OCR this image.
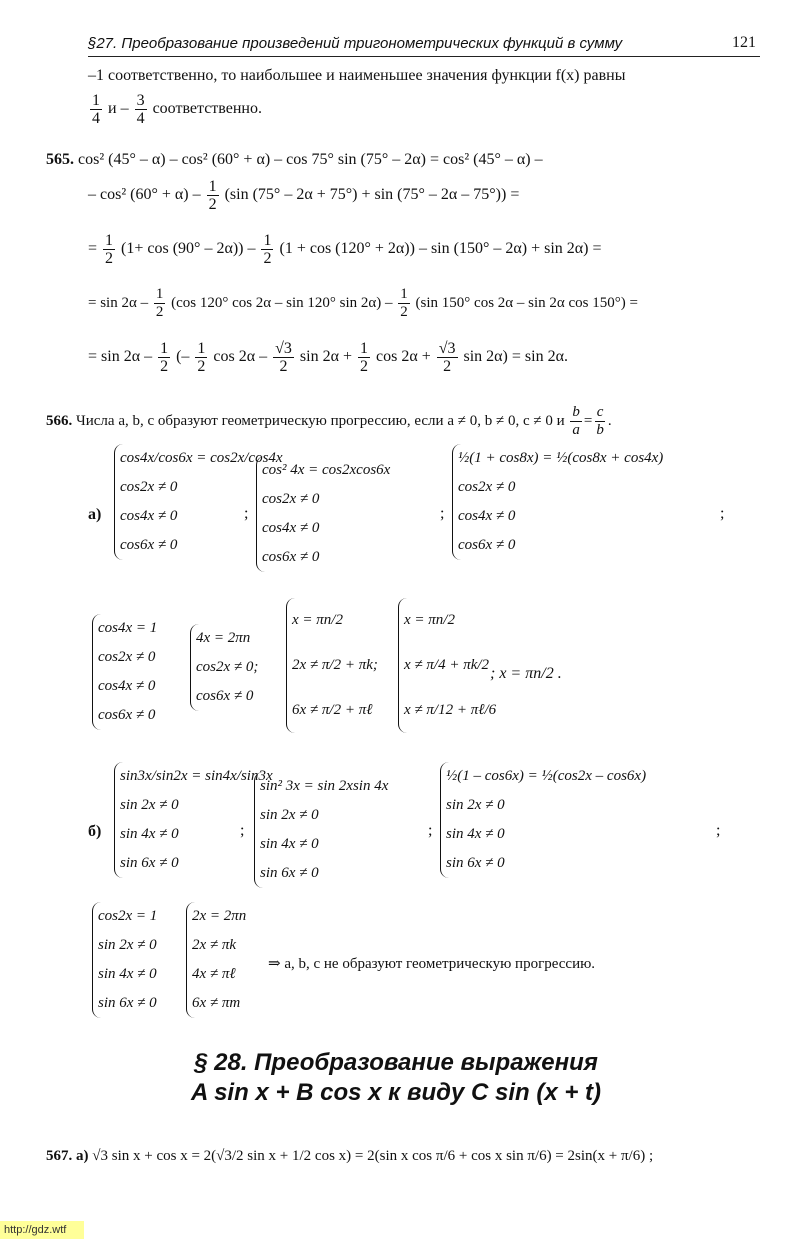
§27. Преобразование произведений тригонометрических функций в сумму	121
–1 соответственно, то наибольшее и наименьшее значения функции f(x) равны
$\frac{1}{4}$ и – $\frac{3}{4}$ соответственно.
565. cos² (45° – α) – cos² (60° + α) – cos 75° sin (75° – 2α) = cos² (45° – α) –
– cos² $(60^\circ + \alpha) - \frac{1}{2} (\sin$ (75° – 2α + 75°) + sin (75° – 2α – 75°)) =
= $\frac{1}{2} (1+ \cos (90^\circ - 2\alpha)) - \frac{1}{2} (1 + \cos (120^\circ + 2\alpha)) - \sin (150^\circ - 2\alpha) + \sin 2\alpha$) =
= $\sin 2\alpha - \frac{1}{2} (\cos$ 120° cos 2α – sin 120° $\sin 2\alpha) - \frac{1}{2} (\sin$ 150° cos 2α – sin 2α cos 150°) =
= $\sin 2\alpha - \frac{1}{2}$ (– $\frac{1}{2}$ $\cos 2\alpha - \frac{√3}{2}$ $\sin 2\alpha + \frac{1}{2}$ $\cos 2\alpha + \frac{√3}{2}$ sin 2α) = sin 2α.
566. Числа a, b, c образуют геометрическую прогрессию, если a ≠ 0, b ≠ 0, c ≠ 0 и $\frac{b}{a} = \frac{c}{b}$ .
а)
cos4x/cos6x = cos2x/cos4x
cos2x ≠ 0
cos4x ≠ 0
cos6x ≠ 0
;
cos² 4x = cos2xcos6x
cos2x ≠ 0
cos4x ≠ 0
cos6x ≠ 0
;
½(1 + cos8x) = ½(cos8x + cos4x)
cos2x ≠ 0
cos4x ≠ 0
cos6x ≠ 0
;
cos4x = 1
cos2x ≠ 0
cos4x ≠ 0
cos6x ≠ 0
4x = 2πn
cos2x ≠ 0;
cos6x ≠ 0
x = πn/2
2x ≠ π/2 + πk;
6x ≠ π/2 + πℓ
x = πn/2
x ≠ π/4 + πk/2
x ≠ π/12 + πℓ/6
; x = πn/2 .
б)
sin3x/sin2x = sin4x/sin3x
sin 2x ≠ 0
sin 4x ≠ 0
sin 6x ≠ 0
;
sin² 3x = sin 2xsin 4x
sin 2x ≠ 0
sin 4x ≠ 0
sin 6x ≠ 0
;
½(1 – cos6x) = ½(cos2x – cos6x)
sin 2x ≠ 0
sin 4x ≠ 0
sin 6x ≠ 0
;
cos2x = 1
sin 2x ≠ 0
sin 4x ≠ 0
sin 6x ≠ 0
2x = 2πn
2x ≠ πk
4x ≠ πℓ
6x ≠ πm
⇒ a, b, c не образуют геометрическую прогрессию.
§ 28. Преобразование выражения
A sin x + B cos x к виду C sin (x + t)
567. а) √3 sin x + cos x = 2(√3/2 sin x + 1/2 cos x) = 2(sin x cos π/6 + cos x sin π/6) = 2sin(x + π/6) ;
http://gdz.wtf
